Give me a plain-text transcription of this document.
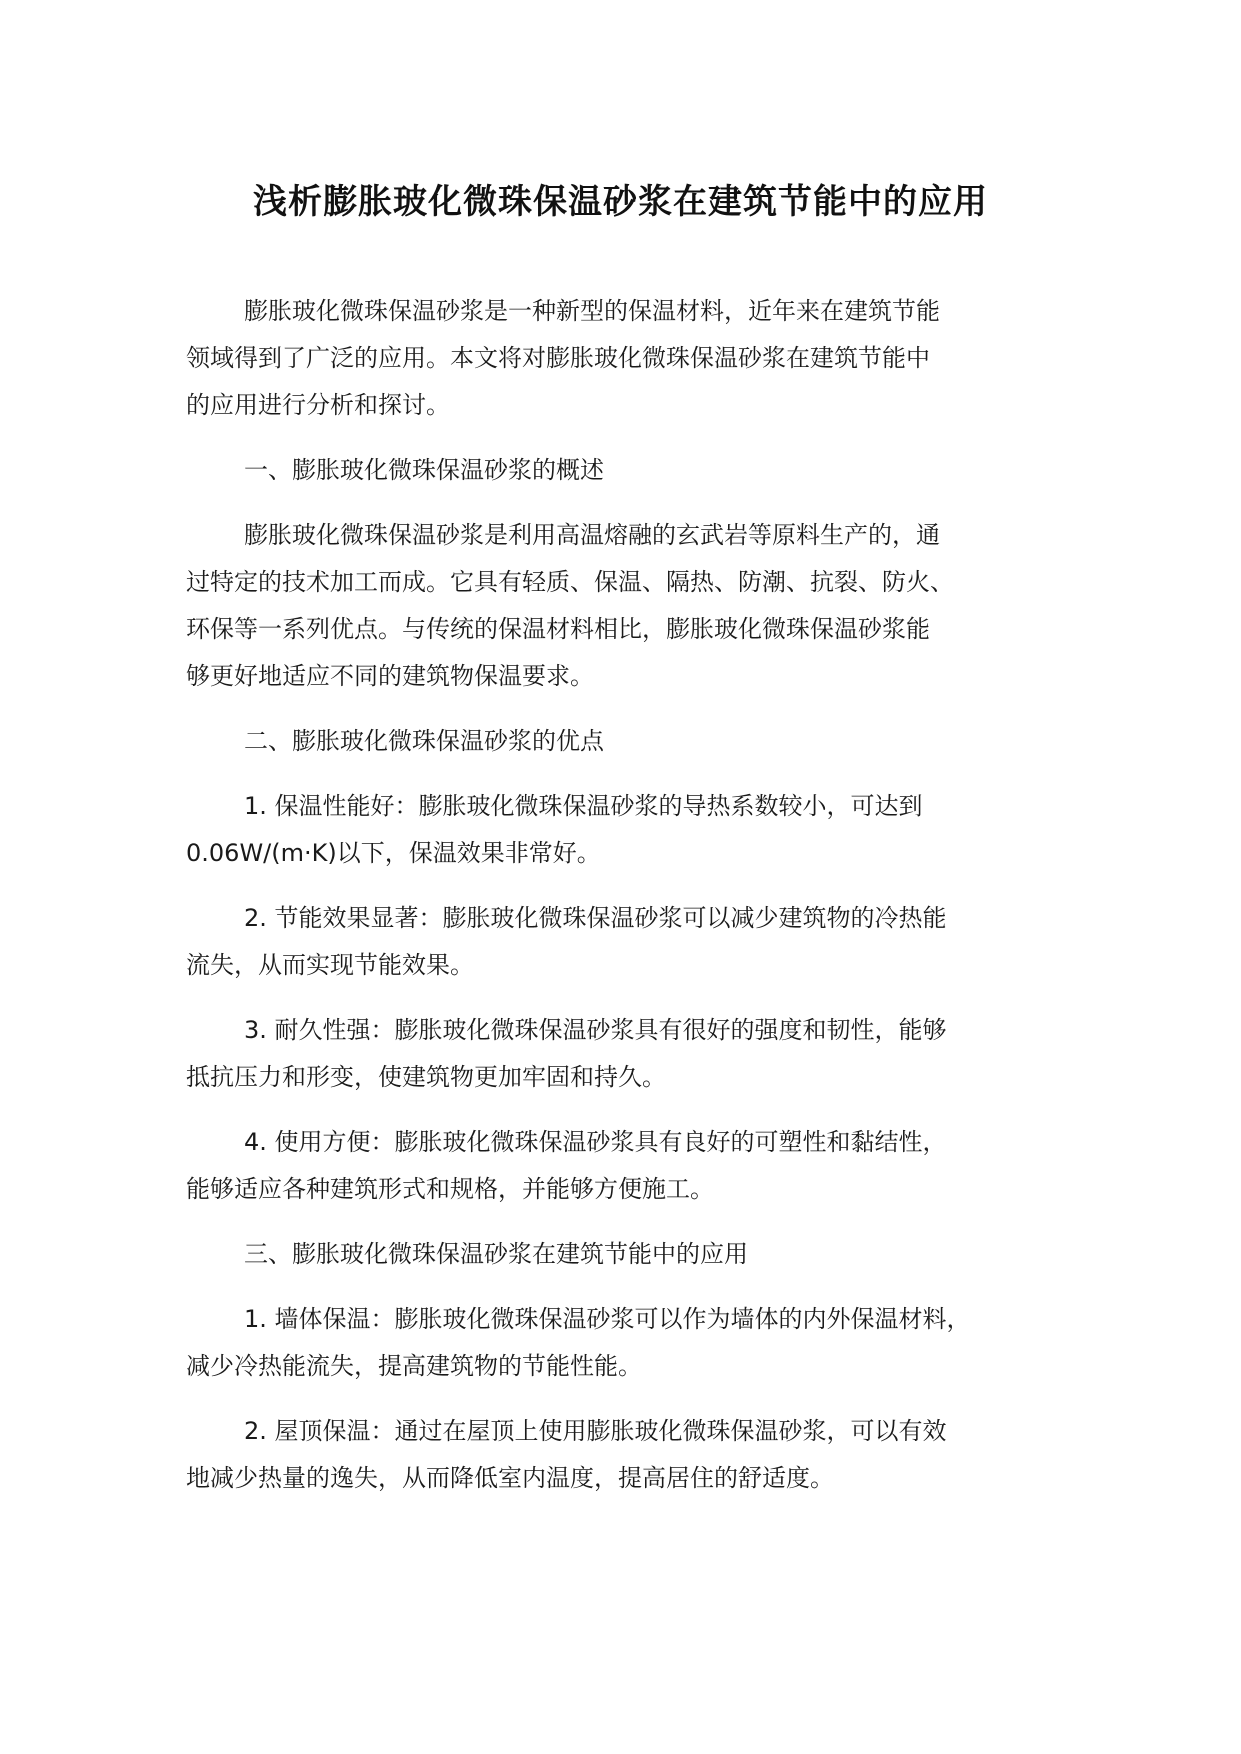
浅析膨胀玻化微珠保温砂浆在建筑节能中的应用

膨胀玻化微珠保温砂浆是一种新型的保温材料，近年来在建筑节能
领域得到了广泛的应用。本文将对膨胀玻化微珠保温砂浆在建筑节能中
的应用进行分析和探讨。

一、膨胀玻化微珠保温砂浆的概述

膨胀玻化微珠保温砂浆是利用高温熔融的玄武岩等原料生产的，通
过特定的技术加工而成。它具有轻质、保温、隔热、防潮、抗裂、防火、
环保等一系列优点。与传统的保温材料相比，膨胀玻化微珠保温砂浆能
够更好地适应不同的建筑物保温要求。

二、膨胀玻化微珠保温砂浆的优点

1. 保温性能好：膨胀玻化微珠保温砂浆的导热系数较小，可达到
0.06W/(m·K)以下，保温效果非常好。

2. 节能效果显著：膨胀玻化微珠保温砂浆可以减少建筑物的冷热能
流失，从而实现节能效果。

3. 耐久性强：膨胀玻化微珠保温砂浆具有很好的强度和韧性，能够
抵抗压力和形变，使建筑物更加牢固和持久。

4. 使用方便：膨胀玻化微珠保温砂浆具有良好的可塑性和黏结性，
能够适应各种建筑形式和规格，并能够方便施工。

三、膨胀玻化微珠保温砂浆在建筑节能中的应用

1. 墙体保温：膨胀玻化微珠保温砂浆可以作为墙体的内外保温材料，
减少冷热能流失，提高建筑物的节能性能。

2. 屋顶保温：通过在屋顶上使用膨胀玻化微珠保温砂浆，可以有效
地减少热量的逸失，从而降低室内温度，提高居住的舒适度。
